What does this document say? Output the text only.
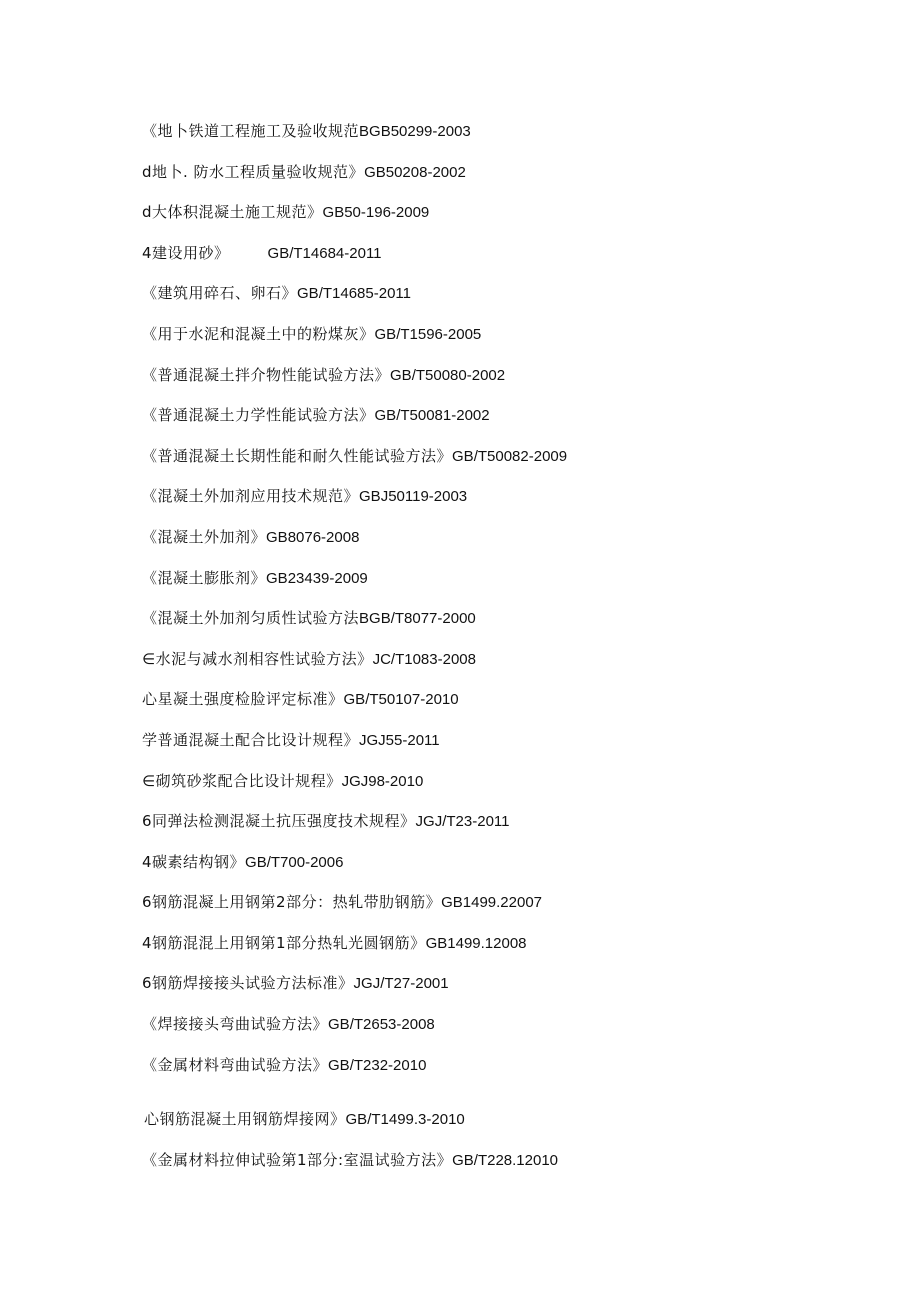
《地卜铁道工程施工及验收规范BGB50299-2003
d地卜. 防水工程质量验收规范》GB50208-2002
d大体积混凝土施工规范》GB50-196-2009
4建设用砂》	GB/T14684-2011
《建筑用碎石、卵石》GB/T14685-2011
《用于水泥和混凝土中的粉煤灰》GB/T1596-2005
《普通混凝土拌介物性能试验方法》GB/T50080-2002
《普通混凝土力学性能试验方法》GB/T50081-2002
《普通混凝土长期性能和耐久性能试验方法》GB/T50082-2009
《混凝土外加剂应用技术规范》GBJ50119-2003
《混凝土外加剂》GB8076-2008
《混凝土膨胀剂》GB23439-2009
《混凝土外加剂匀质性试验方法BGB/T8077-2000
∈水泥与减水剂相容性试验方法》JC/T1083-2008
心星凝土强度检脸评定标准》GB/T50107-2010
学普通混凝土配合比设计规程》JGJ55-2011
∈砌筑砂浆配合比设计规程》JGJ98-2010
6同弹法检测混凝土抗压强度技术规程》JGJ/T23-2011
4碳素结构钢》GB/T700-2006
6钢筋混凝上用钢第2部分：热轧带肋钢筋》GB1499.22007
4钢筋混混上用钢第1部分热轧光圆钢筋》GB1499.12008
6钢筋焊接接头试验方法标准》JGJ/T27-2001
《焊接接头弯曲试验方法》GB/T2653-2008
《金属材料弯曲试验方法》GB/T232-2010
心钢筋混凝土用钢筋焊接网》GB/T1499.3-2010
《金属材料拉伸试验第1部分:室温试验方法》GB/T228.12010
